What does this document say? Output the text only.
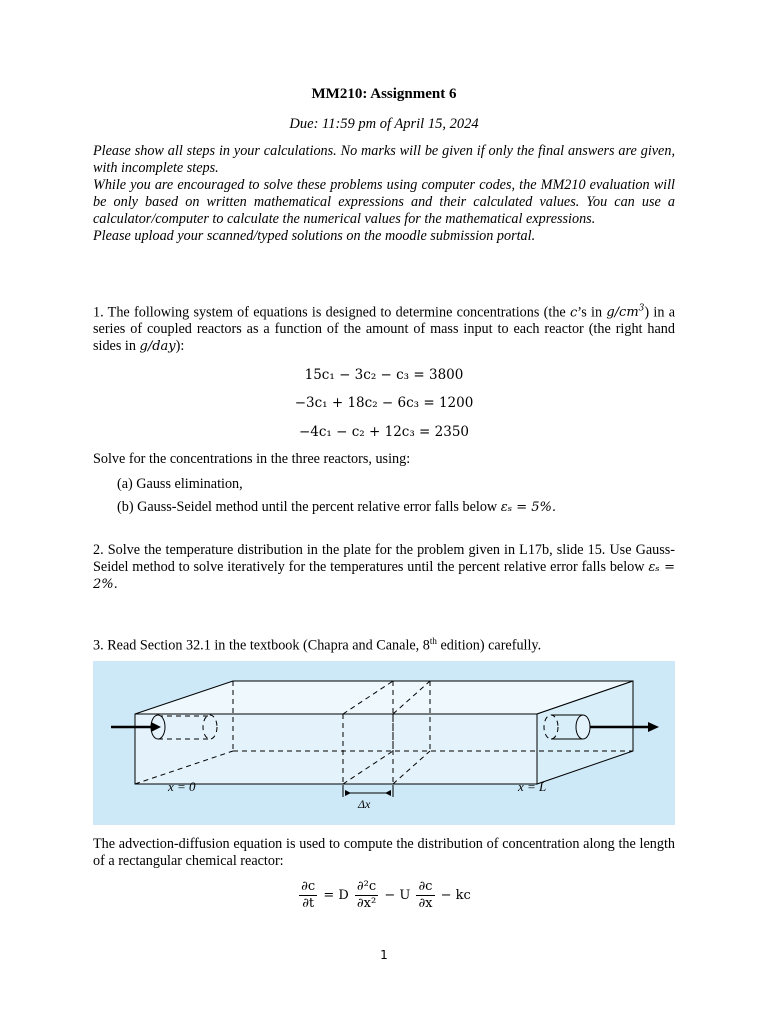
MM210: Assignment 6
Due: 11:59 pm of April 15, 2024

Please show all steps in your calculations. No marks will be given if only the final answers are given, with incomplete steps.

While you are encouraged to solve these problems using computer codes, the MM210 evaluation will be only based on written mathematical expressions and their calculated values. You can use a calculator/computer to calculate the numerical values for the mathematical expressions.

Please upload your scanned/typed solutions on the moodle submission portal.

1. The following system of equations is designed to determine concentrations (the c’s in $g/cm^3$) in a series of coupled reactors as a function of the amount of mass input to each reactor (the right hand sides in g/day):
15c₁ − 3c₂ − c₃ = 3800
−3c₁ + 18c₂ − 6c₃ = 1200
−4c₁ − c₂ + 12c₃ = 2350
Solve for the concentrations in the three reactors, using:
(a) Gauss elimination,
(b) Gauss-Seidel method until the percent relative error falls below εₛ = 5%.
2. Solve the temperature distribution in the plate for the problem given in L17b, slide 15. Use Gauss-Seidel method to solve iteratively for the temperatures until the percent relative error falls below εₛ = 2%.
3. Read Section 32.1 in the textbook (Chapra and Canale, 8th edition) carefully.
x = 0	x = L
Δx
The advection-diffusion equation is used to compute the distribution of concentration along the length of a rectangular chemical reactor:
$\frac{\partial c}{\partial t} = D \frac{\text{∂²c}}{\text{∂x²}} - U \frac{\partial c}{\partial x}$ − kc
1
